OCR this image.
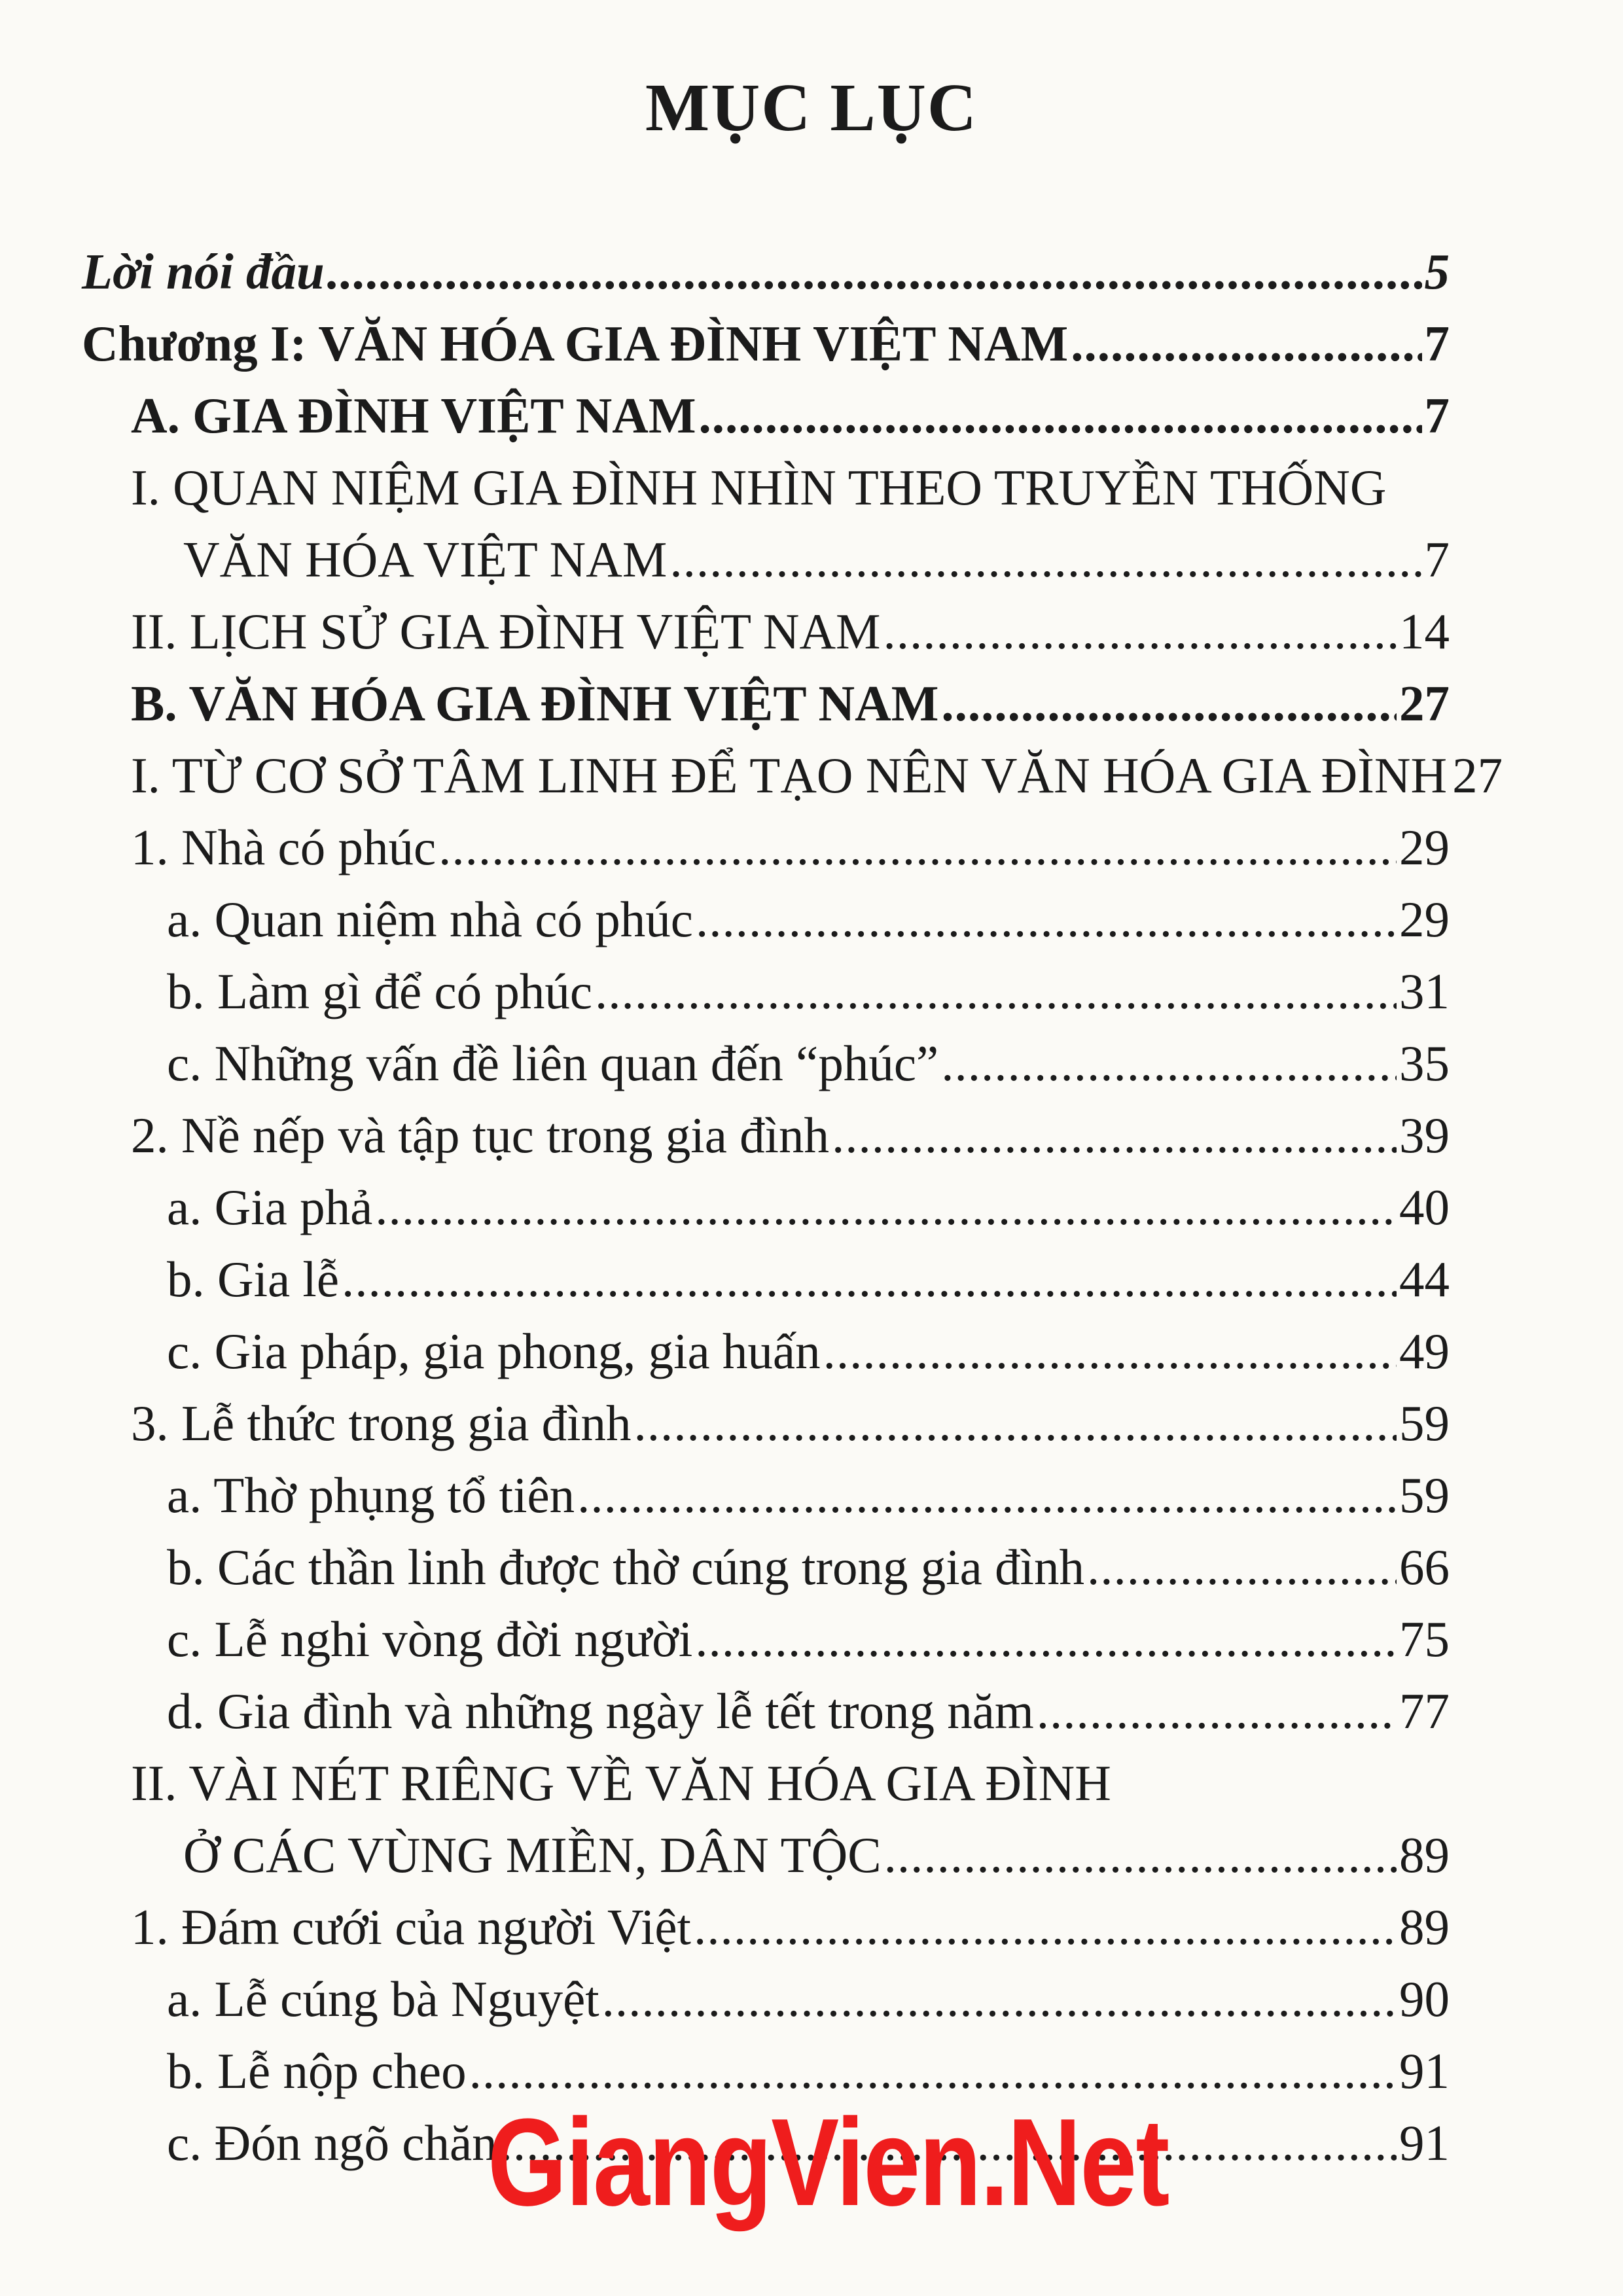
MỤC LỤC
Lời nói đầu .....	5
Chương I: VĂN HÓA GIA ĐÌNH VIỆT NAM .....	7
A. GIA ĐÌNH VIỆT NAM .....	7
I. QUAN NIỆM GIA ĐÌNH NHÌN THEO TRUYỀN THỐNG
VĂN HÓA VIỆT NAM .....	7
II. LỊCH SỬ GIA ĐÌNH VIỆT NAM .....	14
B. VĂN HÓA GIA ĐÌNH VIỆT NAM .....	27
I. TỪ CƠ SỞ TÂM LINH ĐỂ TẠO NÊN VĂN HÓA GIA ĐÌNH 27
1. Nhà có phúc .....	29
a. Quan niệm nhà có phúc .....	29
b. Làm gì để có phúc .....	31
c. Những vấn đề liên quan đến “phúc” .....	35
2. Nề nếp và tập tục trong gia đình .....	39
a. Gia phả .....	40
b. Gia lễ .....	44
c. Gia pháp, gia phong, gia huấn .....	49
3. Lễ thức trong gia đình .....	59
a. Thờ phụng tổ tiên .....	59
b. Các thần linh được thờ cúng trong gia đình .....	66
c. Lễ nghi vòng đời người .....	75
d. Gia đình và những ngày lễ tết trong năm .....	77
II. VÀI NÉT RIÊNG VỀ VĂN HÓA GIA ĐÌNH
Ở CÁC VÙNG MIỀN, DÂN TỘC .....	89
1. Đám cưới của người Việt .....	89
a. Lễ cúng bà Nguyệt .....	90
b. Lễ nộp cheo .....	91
c. Đón ngõ chăn .....	91
GiangVien.Net
